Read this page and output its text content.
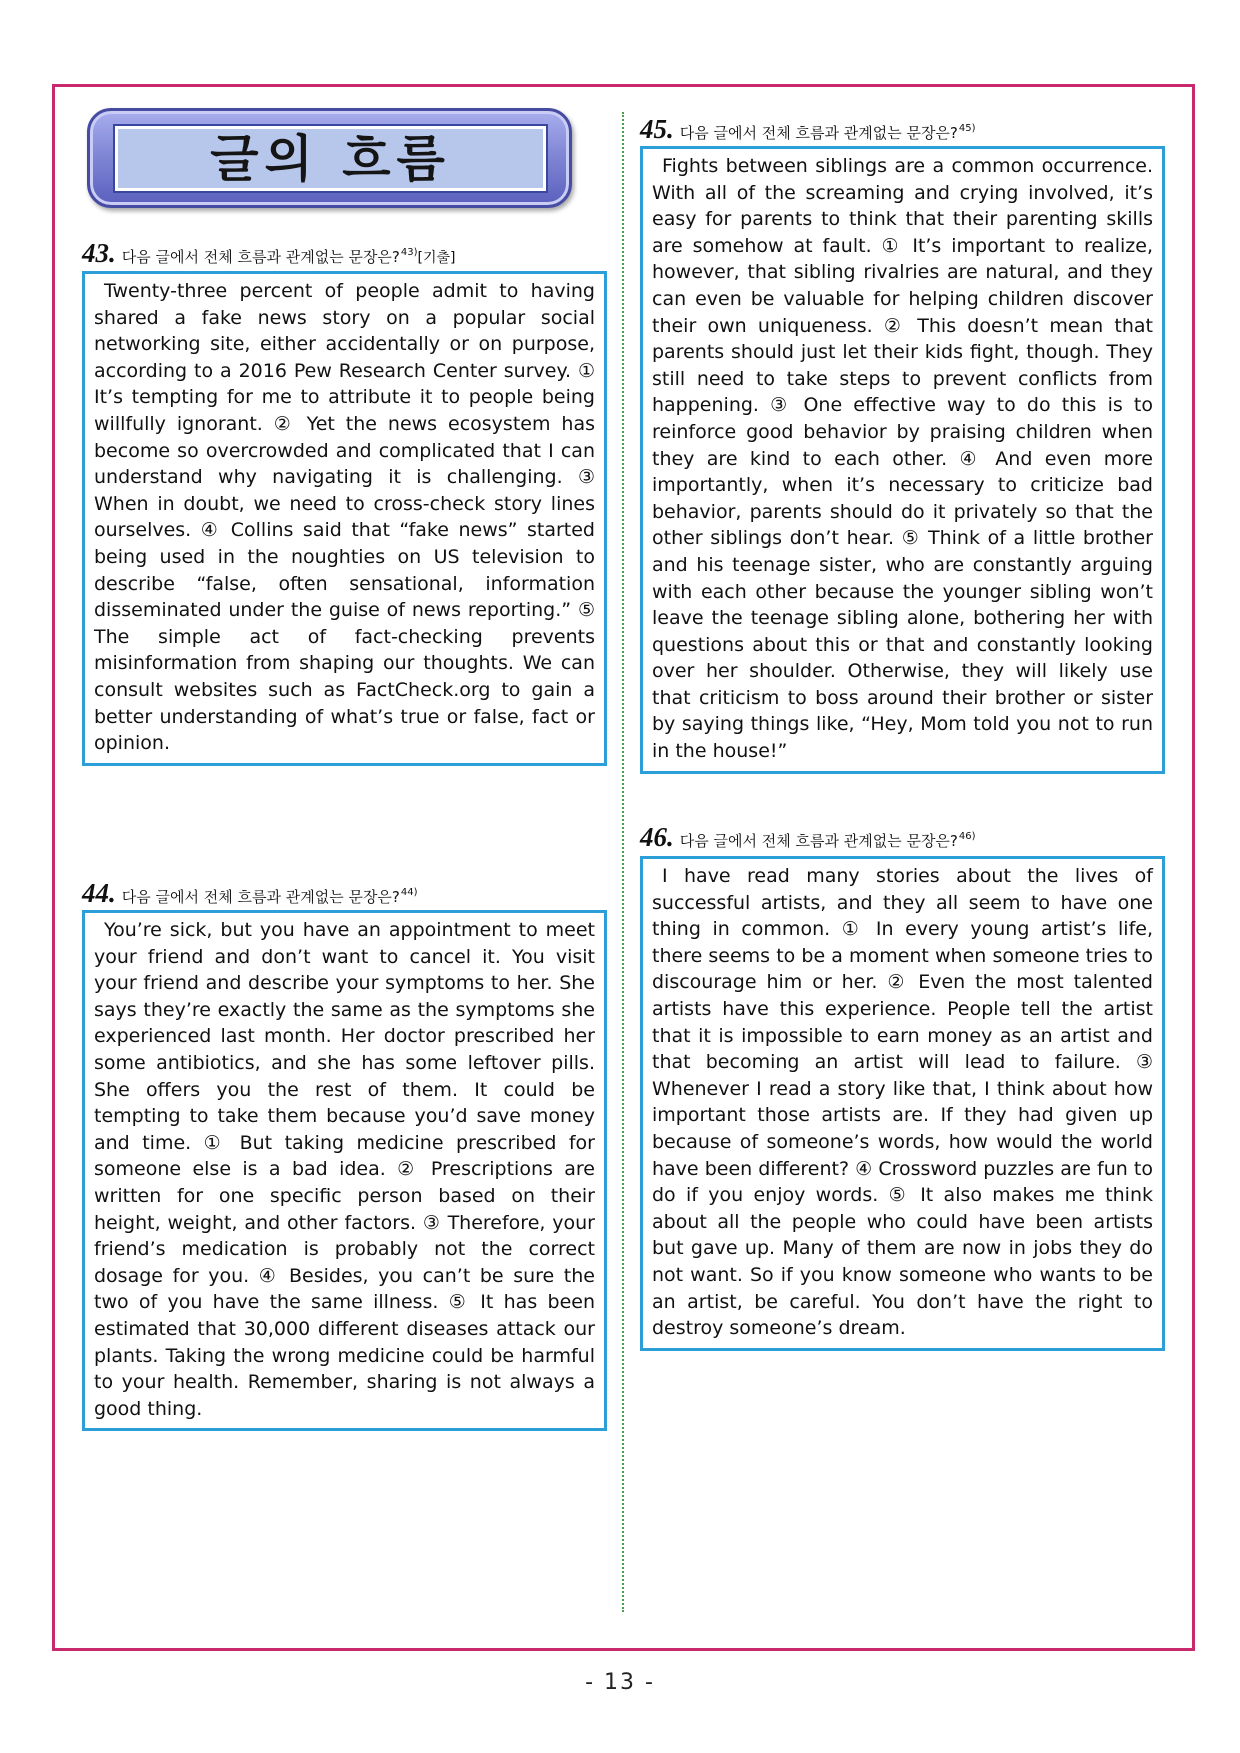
글의 흐름
43. 다음 글에서 전체 흐름과 관계없는 문장은? 43) [기출]

Twenty-three percent of people admit to having shared a fake news story on a popular social networking site, either accidentally or on purpose, according to a 2016 Pew Research Center survey. ① It’s tempting for me to attribute it to people being willfully ignorant. ② Yet the news ecosystem has become so overcrowded and complicated that I can understand why navigating it is challenging. ③ When in doubt, we need to cross-check story lines ourselves. ④ Collins said that “fake news” started being used in the noughties on US television to describe “false, often sensational, information disseminated under the guise of news reporting.” ⑤ The simple act of fact-checking prevents misinformation from shaping our thoughts. We can consult websites such as FactCheck.org to gain a better understanding of what’s true or false, fact or opinion.

44. 다음 글에서 전체 흐름과 관계없는 문장은? 44)

You’re sick, but you have an appointment to meet your friend and don’t want to cancel it. You visit your friend and describe your symptoms to her. She says they’re exactly the same as the symptoms she experienced last month. Her doctor prescribed her some antibiotics, and she has some leftover pills. She offers you the rest of them. It could be tempting to take them because you’d save money and time. ① But taking medicine prescribed for someone else is a bad idea. ② Prescriptions are written for one specific person based on their height, weight, and other factors. ③ Therefore, your friend’s medication is probably not the correct dosage for you. ④ Besides, you can’t be sure the two of you have the same illness. ⑤ It has been estimated that 30,000 different diseases attack our plants. Taking the wrong medicine could be harmful to your health. Remember, sharing is not always a good thing.

45. 다음 글에서 전체 흐름과 관계없는 문장은? 45)

Fights between siblings are a common occurrence. With all of the screaming and crying involved, it’s easy for parents to think that their parenting skills are somehow at fault. ① It’s important to realize, however, that sibling rivalries are natural, and they can even be valuable for helping children discover their own uniqueness. ② This doesn’t mean that parents should just let their kids fight, though. They still need to take steps to prevent conflicts from happening. ③ One effective way to do this is to reinforce good behavior by praising children when they are kind to each other. ④ And even more importantly, when it’s necessary to criticize bad behavior, parents should do it privately so that the other siblings don’t hear. ⑤ Think of a little brother and his teenage sister, who are constantly arguing with each other because the younger sibling won’t leave the teenage sibling alone, bothering her with questions about this or that and constantly looking over her shoulder. Otherwise, they will likely use that criticism to boss around their brother or sister by saying things like, “Hey, Mom told you not to run in the house!”

46. 다음 글에서 전체 흐름과 관계없는 문장은? 46)

I have read many stories about the lives of successful artists, and they all seem to have one thing in common. ① In every young artist’s life, there seems to be a moment when someone tries to discourage him or her. ② Even the most talented artists have this experience. People tell the artist that it is impossible to earn money as an artist and that becoming an artist will lead to failure. ③ Whenever I read a story like that, I think about how important those artists are. If they had given up because of someone’s words, how would the world have been different? ④ Crossword puzzles are fun to do if you enjoy words. ⑤ It also makes me think about all the people who could have been artists but gave up. Many of them are now in jobs they do not want. So if you know someone who wants to be an artist, be careful. You don’t have the right to destroy someone’s dream.

- 13 -
